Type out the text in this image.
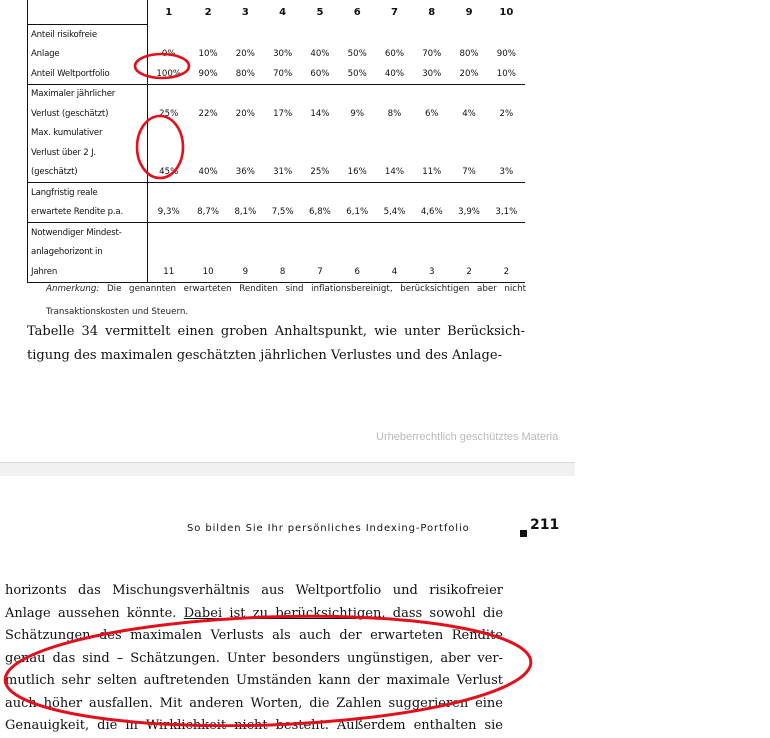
	1	2	3	4	5	6	7	8	9	10
Anteil risikofreie										
Anlage	0%	10%	20%	30%	40%	50%	60%	70%	80%	90%
Anteil Weltportfolio	100%	90%	80%	70%	60%	50%	40%	30%	20%	10%
Maximaler jährlicher										
Verlust (geschätzt)	25%	22%	20%	17%	14%	9%	8%	6%	4%	2%
Max. kumulativer										
Verlust über 2 J.										
(geschätzt)	45%	40%	36%	31%	25%	16%	14%	11%	7%	3%
Langfristig reale										
erwartete Rendite p.a.	9,3%	8,7%	8,1%	7,5%	6,8%	6,1%	5,4%	4,6%	3,9%	3,1%
Notwendiger Mindest-										
anlagehorizont in										
Jahren	11	10	9	8	7	6	4	3	2	2
Anmerkung: Die genannten erwarteten Renditen sind inflationsbereinigt, berücksichtigen aber nicht Transaktionskosten und Steuern.
Tabelle 34 vermittelt einen groben Anhaltspunkt, wie unter Berücksich-
tigung des maximalen geschätzten jährlichen Verlustes und des Anlage-
Urheberrechtlich geschütztes Materia
So bilden Sie Ihr persönliches Indexing-Portfolio	211
horizonts das Mischungsverhältnis aus Weltportfolio und risikofreier
Anlage aussehen könnte. Dabei ist zu berücksichtigen, dass sowohl die
Schätzungen des maximalen Verlusts als auch der erwarteten Rendite
genau das sind – Schätzungen. Unter besonders ungünstigen, aber ver-
mutlich sehr selten auftretenden Umständen kann der maximale Verlust
auch höher ausfallen. Mit anderen Worten, die Zahlen suggerieren eine
Genauigkeit, die in Wirklichkeit nicht besteht. Außerdem enthalten sie
